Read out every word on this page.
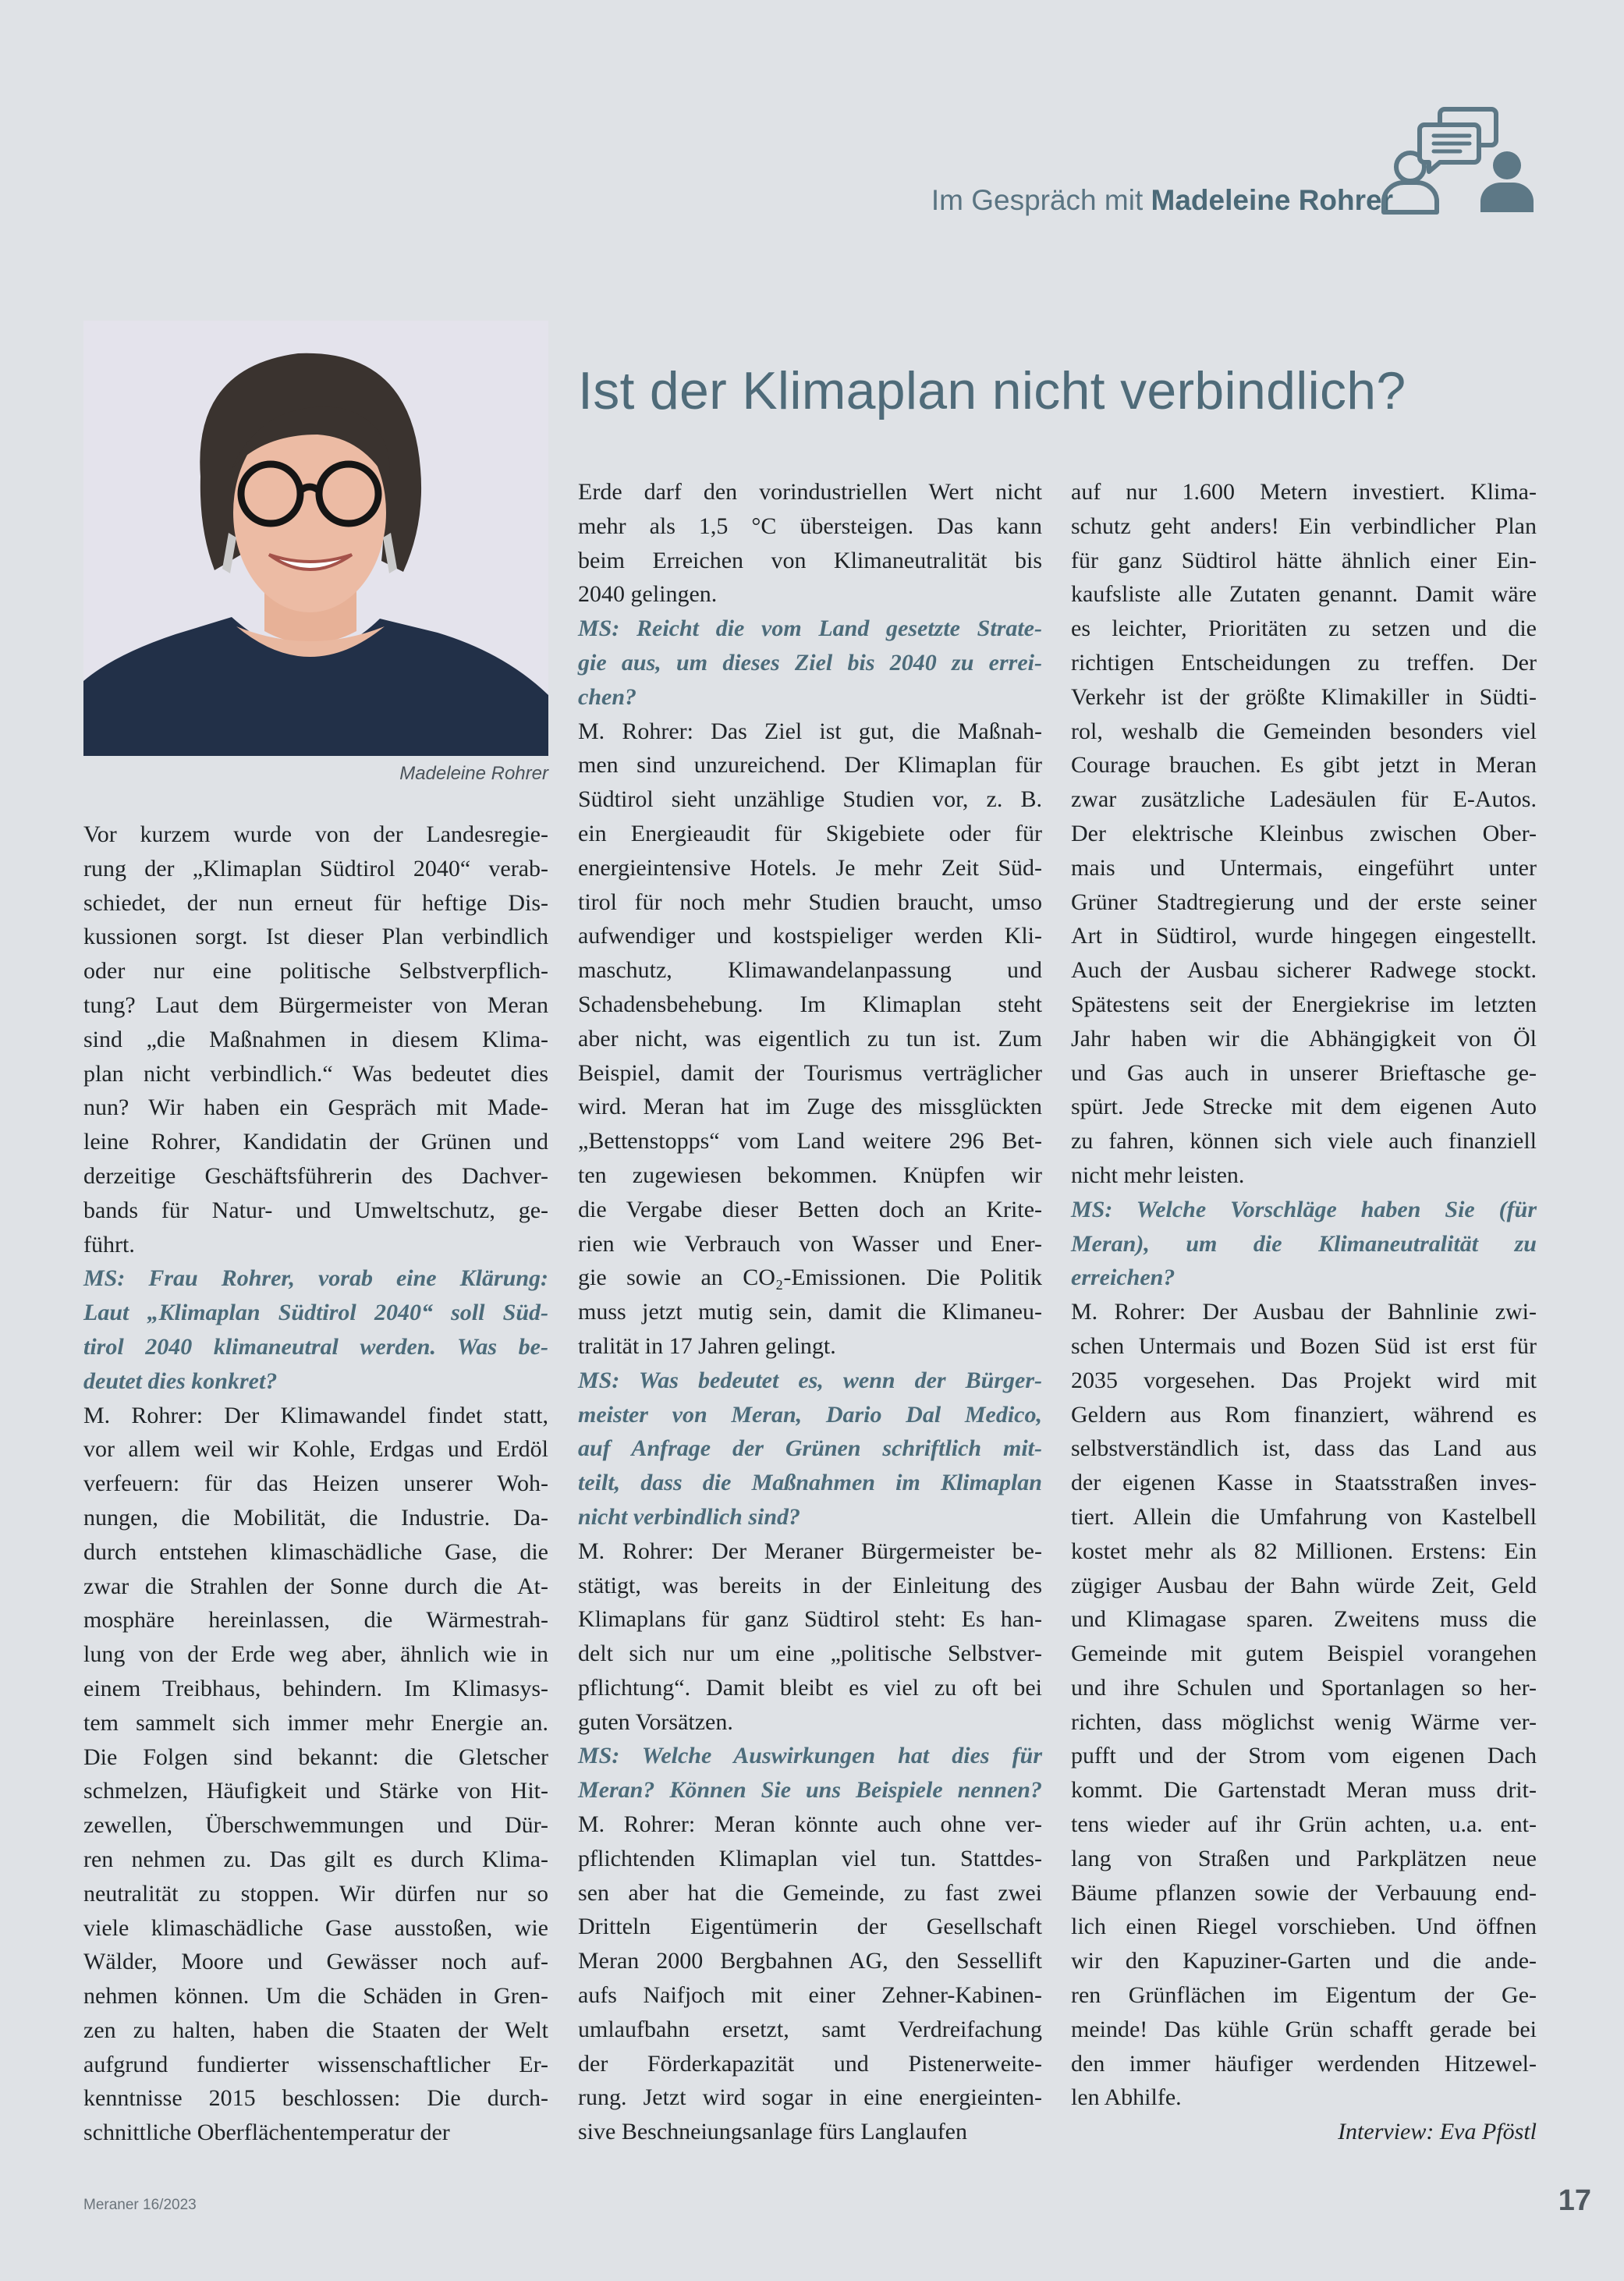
Im Gespräch mit Madeleine Rohrer
Madeleine Rohrer
Ist der Klimaplan nicht verbindlich?

Vor kurzem wurde von der Landesregie-

rung der „Klimaplan Südtirol 2040“ verab-

schiedet, der nun erneut für heftige Dis-

kussionen sorgt. Ist dieser Plan verbindlich

oder nur eine politische Selbstverpflich-

tung? Laut dem Bürgermeister von Meran

sind „die Maßnahmen in diesem Klima-

plan nicht verbindlich.“ Was bedeutet dies

nun? Wir haben ein Gespräch mit Made-

leine Rohrer, Kandidatin der Grünen und

derzeitige Geschäftsführerin des Dachver-

bands für Natur- und Umweltschutz, ge-

führt.

MS: Frau Rohrer, vorab eine Klärung:

Laut „Klimaplan Südtirol 2040“ soll Süd-

tirol 2040 klimaneutral werden. Was be-

deutet dies konkret?

M. Rohrer: Der Klimawandel findet statt,

vor allem weil wir Kohle, Erdgas und Erdöl

verfeuern: für das Heizen unserer Woh-

nungen, die Mobilität, die Industrie. Da-

durch entstehen klimaschädliche Gase, die

zwar die Strahlen der Sonne durch die At-

mosphäre hereinlassen, die Wärmestrah-

lung von der Erde weg aber, ähnlich wie in

einem Treibhaus, behindern. Im Klimasys-

tem sammelt sich immer mehr Energie an.

Die Folgen sind bekannt: die Gletscher

schmelzen, Häufigkeit und Stärke von Hit-

zewellen, Überschwemmungen und Dür-

ren nehmen zu. Das gilt es durch Klima-

neutralität zu stoppen. Wir dürfen nur so

viele klimaschädliche Gase ausstoßen, wie

Wälder, Moore und Gewässer noch auf-

nehmen können. Um die Schäden in Gren-

zen zu halten, haben die Staaten der Welt

aufgrund fundierter wissenschaftlicher Er-

kenntnisse 2015 beschlossen: Die durch-

schnittliche Oberflächentemperatur der

Erde darf den vorindustriellen Wert nicht

mehr als 1,5 °C übersteigen. Das kann

beim Erreichen von Klimaneutralität bis

2040 gelingen.

MS: Reicht die vom Land gesetzte Strate-

gie aus, um dieses Ziel bis 2040 zu errei-

chen?

M. Rohrer: Das Ziel ist gut, die Maßnah-

men sind unzureichend. Der Klimaplan für

Südtirol sieht unzählige Studien vor, z. B.

ein Energieaudit für Skigebiete oder für

energieintensive Hotels. Je mehr Zeit Süd-

tirol für noch mehr Studien braucht, umso

aufwendiger und kostspieliger werden Kli-

maschutz, Klimawandelanpassung und

Schadensbehebung. Im Klimaplan steht

aber nicht, was eigentlich zu tun ist. Zum

Beispiel, damit der Tourismus verträglicher

wird. Meran hat im Zuge des missglückten

„Bettenstopps“ vom Land weitere 296 Bet-

ten zugewiesen bekommen. Knüpfen wir

die Vergabe dieser Betten doch an Krite-

rien wie Verbrauch von Wasser und Ener-

gie sowie an CO₂-Emissionen. Die Politik

muss jetzt mutig sein, damit die Klimaneu-

tralität in 17 Jahren gelingt.

MS: Was bedeutet es, wenn der Bürger-

meister von Meran, Dario Dal Medico,

auf Anfrage der Grünen schriftlich mit-

teilt, dass die Maßnahmen im Klimaplan

nicht verbindlich sind?

M. Rohrer: Der Meraner Bürgermeister be-

stätigt, was bereits in der Einleitung des

Klimaplans für ganz Südtirol steht: Es han-

delt sich nur um eine „politische Selbstver-

pflichtung“. Damit bleibt es viel zu oft bei

guten Vorsätzen.

MS: Welche Auswirkungen hat dies für

Meran? Können Sie uns Beispiele nennen?

M. Rohrer: Meran könnte auch ohne ver-

pflichtenden Klimaplan viel tun. Stattdes-

sen aber hat die Gemeinde, zu fast zwei

Dritteln Eigentümerin der Gesellschaft

Meran 2000 Bergbahnen AG, den Sessellift

aufs Naifjoch mit einer Zehner-Kabinen-

umlaufbahn ersetzt, samt Verdreifachung

der Förderkapazität und Pistenerweite-

rung. Jetzt wird sogar in eine energieinten-

sive Beschneiungsanlage fürs Langlaufen

auf nur 1.600 Metern investiert. Klima-

schutz geht anders! Ein verbindlicher Plan

für ganz Südtirol hätte ähnlich einer Ein-

kaufsliste alle Zutaten genannt. Damit wäre

es leichter, Prioritäten zu setzen und die

richtigen Entscheidungen zu treffen. Der

Verkehr ist der größte Klimakiller in Südti-

rol, weshalb die Gemeinden besonders viel

Courage brauchen. Es gibt jetzt in Meran

zwar zusätzliche Ladesäulen für E-Autos.

Der elektrische Kleinbus zwischen Ober-

mais und Untermais, eingeführt unter

Grüner Stadtregierung und der erste seiner

Art in Südtirol, wurde hingegen eingestellt.

Auch der Ausbau sicherer Radwege stockt.

Spätestens seit der Energiekrise im letzten

Jahr haben wir die Abhängigkeit von Öl

und Gas auch in unserer Brieftasche ge-

spürt. Jede Strecke mit dem eigenen Auto

zu fahren, können sich viele auch finanziell

nicht mehr leisten.

MS: Welche Vorschläge haben Sie (für

Meran), um die Klimaneutralität zu

erreichen?

M. Rohrer: Der Ausbau der Bahnlinie zwi-

schen Untermais und Bozen Süd ist erst für

2035 vorgesehen. Das Projekt wird mit

Geldern aus Rom finanziert, während es

selbstverständlich ist, dass das Land aus

der eigenen Kasse in Staatsstraßen inves-

tiert. Allein die Umfahrung von Kastelbell

kostet mehr als 82 Millionen. Erstens: Ein

zügiger Ausbau der Bahn würde Zeit, Geld

und Klimagase sparen. Zweitens muss die

Gemeinde mit gutem Beispiel vorangehen

und ihre Schulen und Sportanlagen so her-

richten, dass möglichst wenig Wärme ver-

pufft und der Strom vom eigenen Dach

kommt. Die Gartenstadt Meran muss drit-

tens wieder auf ihr Grün achten, u.a. ent-

lang von Straßen und Parkplätzen neue

Bäume pflanzen sowie der Verbauung end-

lich einen Riegel vorschieben. Und öffnen

wir den Kapuziner-Garten und die ande-

ren Grünflächen im Eigentum der Ge-

meinde! Das kühle Grün schafft gerade bei

den immer häufiger werdenden Hitzewel-

len Abhilfe.

Interview: Eva Pföstl

Meraner 16/2023	17
